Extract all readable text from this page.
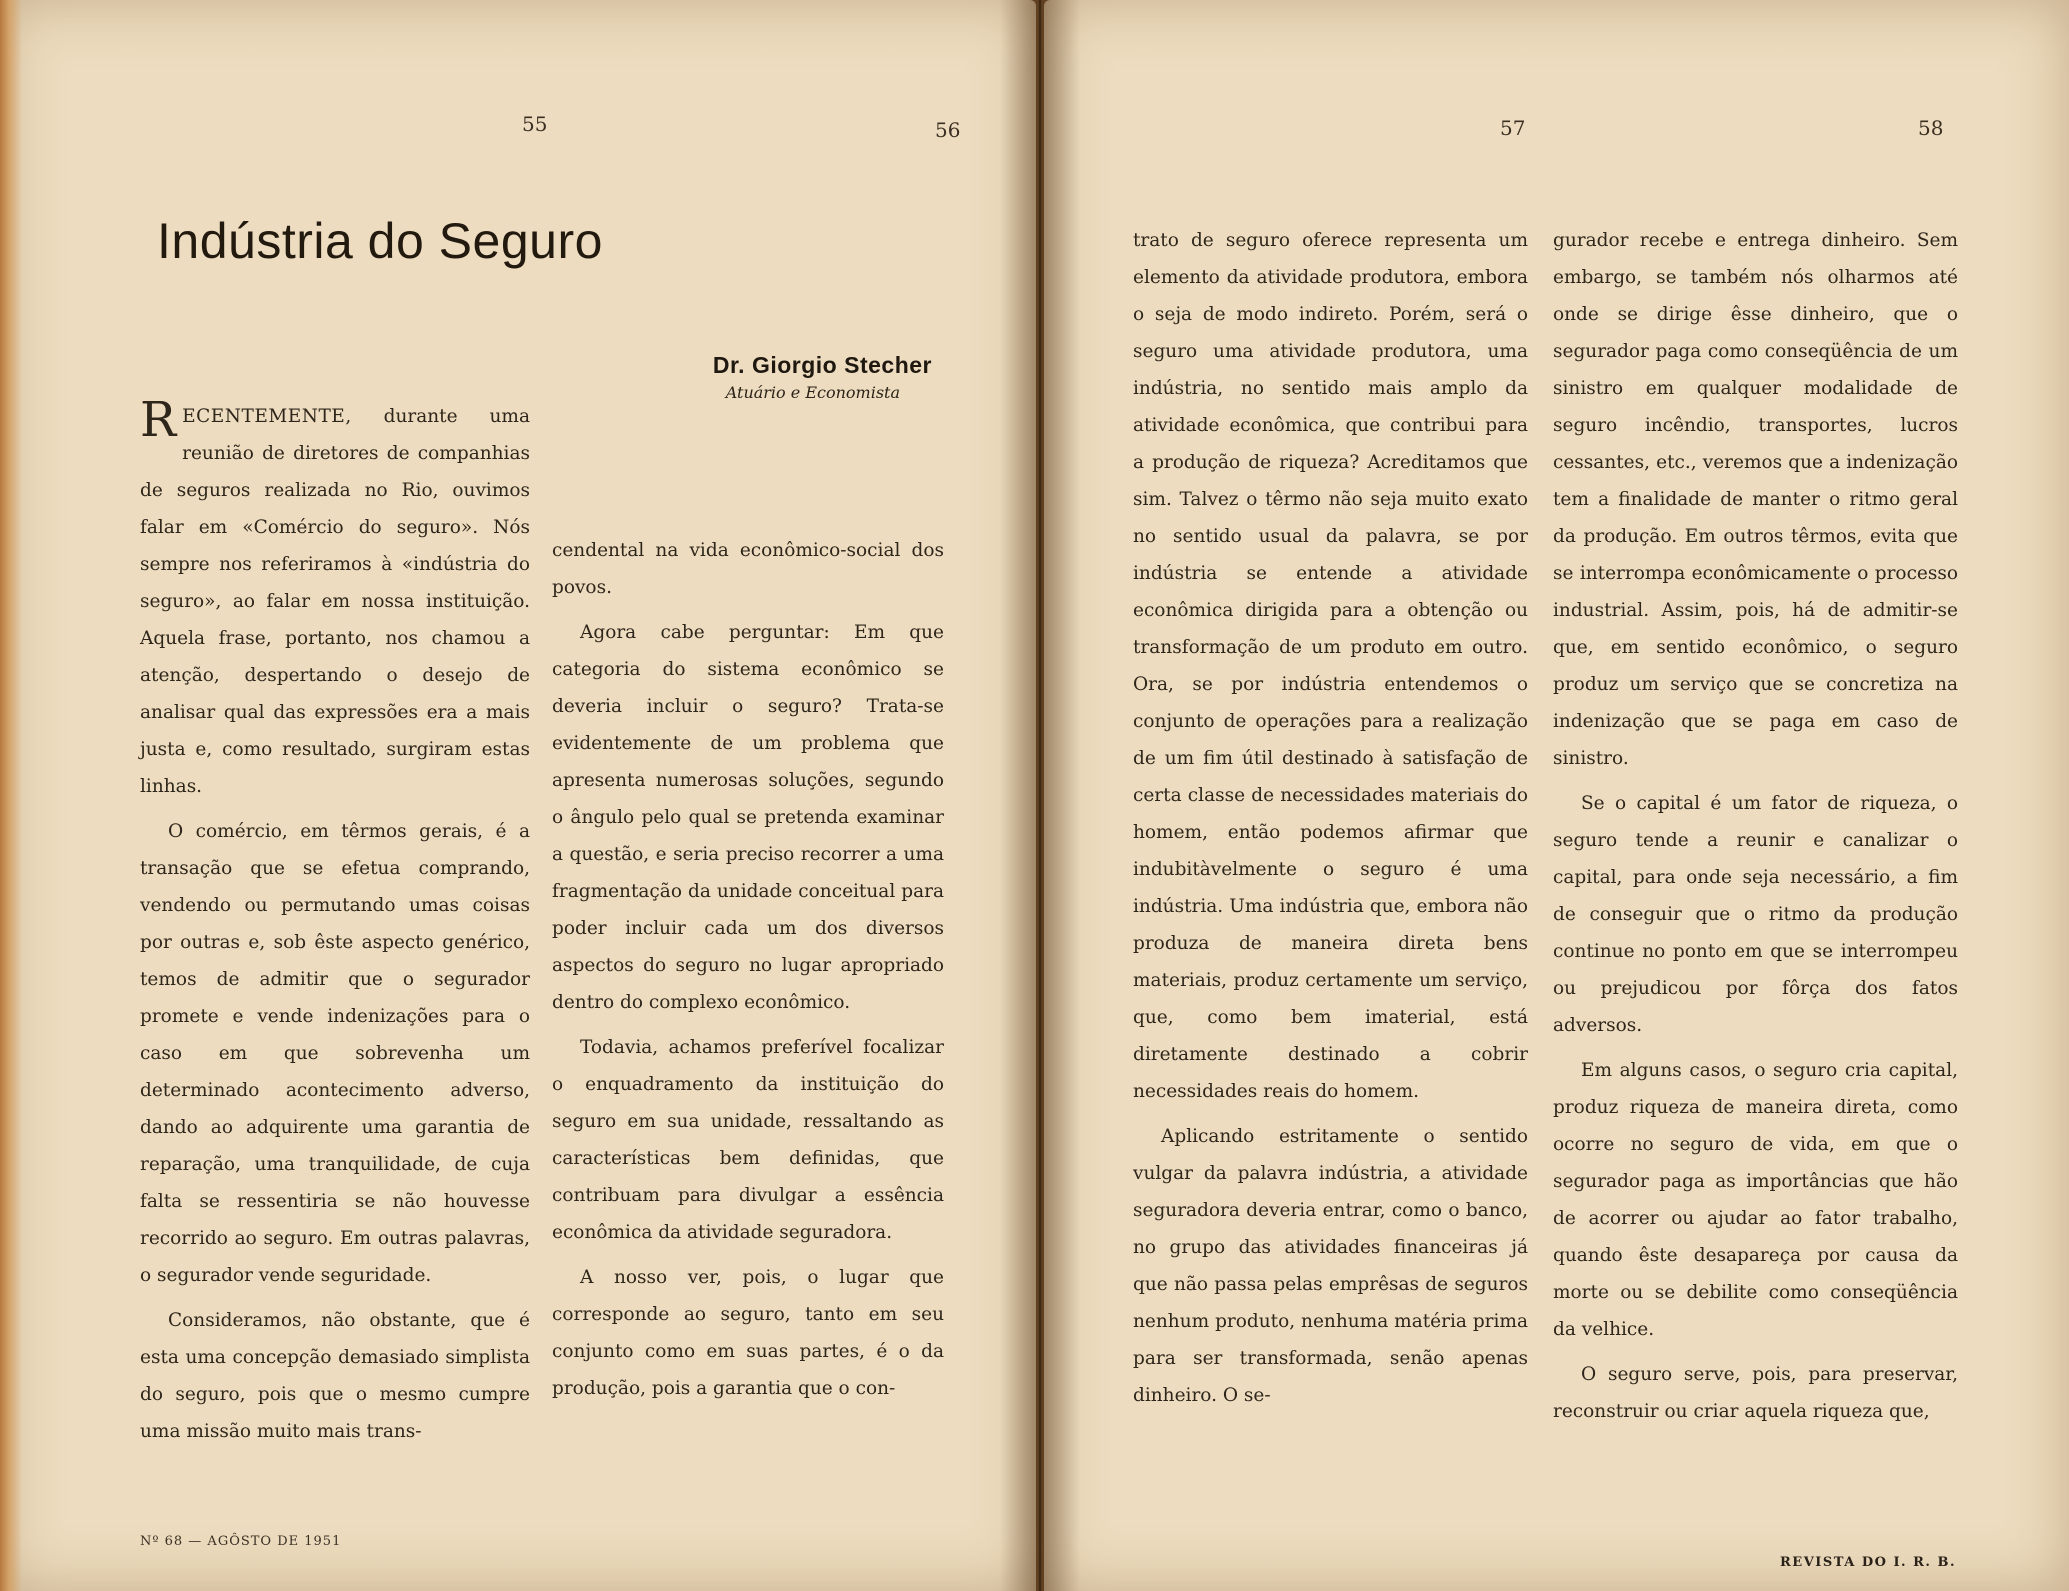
55	56	57	58
Indústria do Seguro
Dr. Giorgio Stecher
Atuário e Economista

RECENTEMENTE, durante uma reunião de diretores de companhias de seguros realizada no Rio, ouvimos falar em «Comércio do seguro». Nós sempre nos referiramos à «indústria do seguro», ao falar em nossa instituição. Aquela frase, portanto, nos chamou a atenção, despertando o desejo de analisar qual das expressões era a mais justa e, como resultado, surgiram estas linhas.

O comércio, em têrmos gerais, é a transação que se efetua comprando, vendendo ou permutando umas coisas por outras e, sob êste aspecto genérico, temos de admitir que o segurador promete e vende indenizações para o caso em que sobrevenha um determinado acontecimento adverso, dando ao adquirente uma garantia de reparação, uma tranquilidade, de cuja falta se ressentiria se não houvesse recorrido ao seguro. Em outras palavras, o segurador vende seguridade.

Consideramos, não obstante, que é esta uma concepção demasiado simplista do seguro, pois que o mesmo cumpre uma missão muito mais trans-

cendental na vida econômico-social dos povos.

Agora cabe perguntar: Em que categoria do sistema econômico se deveria incluir o seguro? Trata-se evidentemente de um problema que apresenta numerosas soluções, segundo o ângulo pelo qual se pretenda examinar a questão, e seria preciso recorrer a uma fragmentação da unidade conceitual para poder incluir cada um dos diversos aspectos do seguro no lugar apropriado dentro do complexo econômico.

Todavia, achamos preferível focalizar o enquadramento da instituição do seguro em sua unidade, ressaltando as características bem definidas, que contribuam para divulgar a essência econômica da atividade seguradora.

A nosso ver, pois, o lugar que corresponde ao seguro, tanto em seu conjunto como em suas partes, é o da produção, pois a garantia que o con-

trato de seguro oferece representa um elemento da atividade produtora, embora o seja de modo indireto. Porém, será o seguro uma atividade produtora, uma indústria, no sentido mais amplo da atividade econômica, que contribui para a produção de riqueza? Acreditamos que sim. Talvez o têrmo não seja muito exato no sentido usual da palavra, se por indústria se entende a atividade econômica dirigida para a obtenção ou transformação de um produto em outro. Ora, se por indústria entendemos o conjunto de operações para a realização de um fim útil destinado à satisfação de certa classe de necessidades materiais do homem, então podemos afirmar que indubitàvelmente o seguro é uma indústria. Uma indústria que, embora não produza de maneira direta bens materiais, produz certamente um serviço, que, como bem imaterial, está diretamente destinado a cobrir necessidades reais do homem.

Aplicando estritamente o sentido vulgar da palavra indústria, a atividade seguradora deveria entrar, como o banco, no grupo das atividades financeiras já que não passa pelas emprêsas de seguros nenhum produto, nenhuma matéria prima para ser transformada, senão apenas dinheiro. O se-

gurador recebe e entrega dinheiro. Sem embargo, se também nós olharmos até onde se dirige êsse dinheiro, que o segurador paga como conseqüência de um sinistro em qualquer modalidade de seguro incêndio, transportes, lucros cessantes, etc., veremos que a indenização tem a finalidade de manter o ritmo geral da produção. Em outros têrmos, evita que se interrompa econômicamente o processo industrial. Assim, pois, há de admitir-se que, em sentido econômico, o seguro produz um serviço que se concretiza na indenização que se paga em caso de sinistro.

Se o capital é um fator de riqueza, o seguro tende a reunir e canalizar o capital, para onde seja necessário, a fim de conseguir que o ritmo da produção continue no ponto em que se interrompeu ou prejudicou por fôrça dos fatos adversos.

Em alguns casos, o seguro cria capital, produz riqueza de maneira direta, como ocorre no seguro de vida, em que o segurador paga as importâncias que hão de acorrer ou ajudar ao fator trabalho, quando êste desapareça por causa da morte ou se debilite como conseqüência da velhice.

O seguro serve, pois, para preservar, reconstruir ou criar aquela riqueza que,

Nº 68 — AGÔSTO DE 1951
REVISTA DO I. R. B.
